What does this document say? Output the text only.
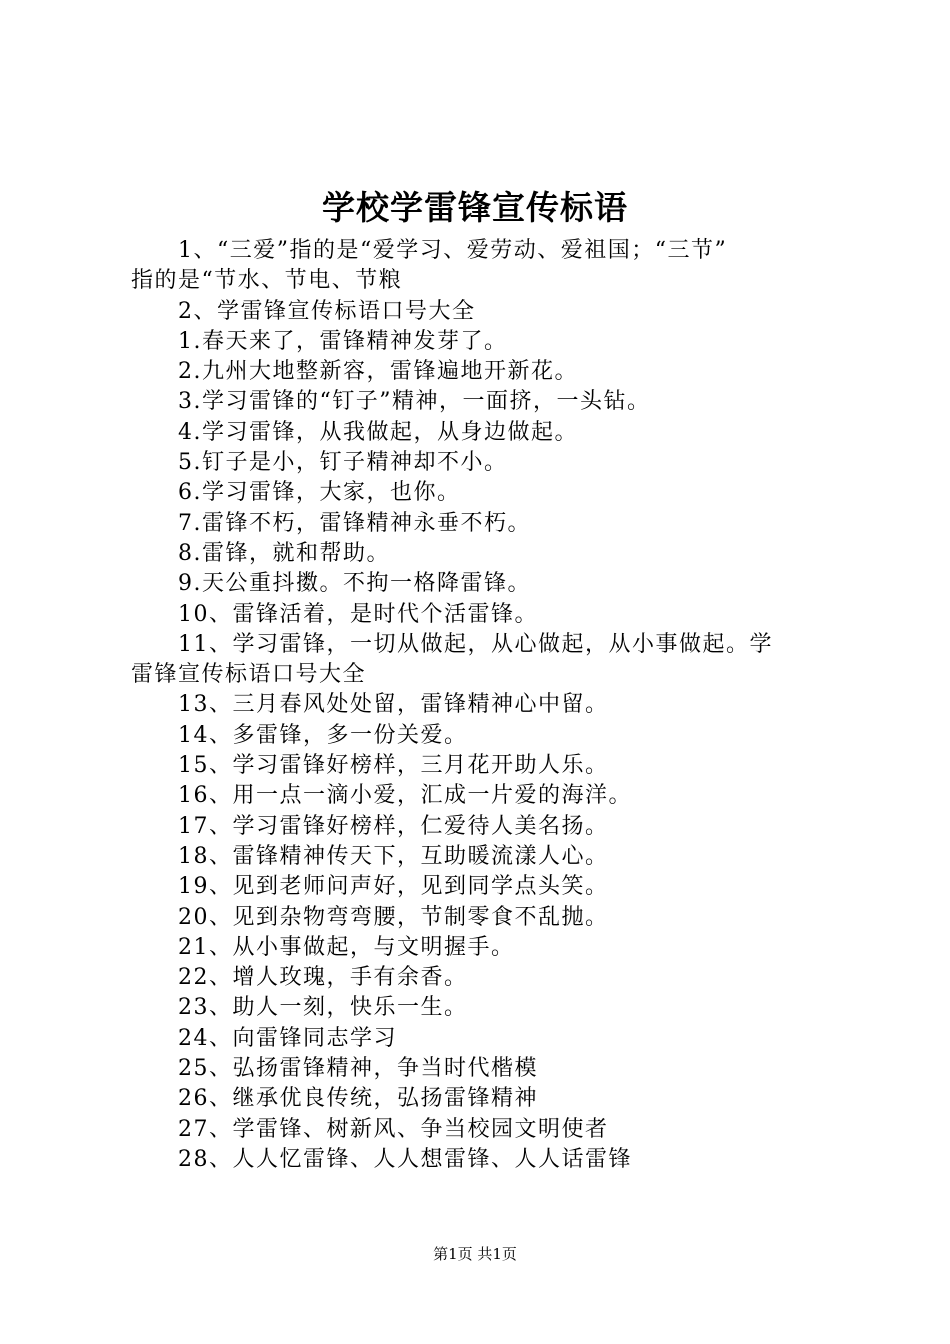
学校学雷锋宣传标语

1、“三爱”指的是“爱学习、爱劳动、爱祖国；“三节”
指的是“节水、节电、节粮

2、学雷锋宣传标语口号大全

1.春天来了，雷锋精神发芽了。

2.九州大地整新容，雷锋遍地开新花。

3.学习雷锋的“钉子”精神，一面挤，一头钻。

4.学习雷锋，从我做起，从身边做起。

5.钉子是小，钉子精神却不小。

6.学习雷锋，大家，也你。

7.雷锋不朽，雷锋精神永垂不朽。

8.雷锋，就和帮助。

9.天公重抖擞。不拘一格降雷锋。

10、雷锋活着，是时代个活雷锋。

11、学习雷锋，一切从做起，从心做起，从小事做起。学
雷锋宣传标语口号大全

13、三月春风处处留，雷锋精神心中留。

14、多雷锋，多一份关爱。

15、学习雷锋好榜样，三月花开助人乐。

16、用一点一滴小爱，汇成一片爱的海洋。

17、学习雷锋好榜样，仁爱待人美名扬。

18、雷锋精神传天下，互助暖流漾人心。

19、见到老师问声好，见到同学点头笑。

20、见到杂物弯弯腰，节制零食不乱抛。

21、从小事做起，与文明握手。

22、增人玫瑰，手有余香。

23、助人一刻，快乐一生。

24、向雷锋同志学习

25、弘扬雷锋精神，争当时代楷模

26、继承优良传统，弘扬雷锋精神

27、学雷锋、树新风、争当校园文明使者

28、人人忆雷锋、人人想雷锋、人人话雷锋

第1页 共1页
